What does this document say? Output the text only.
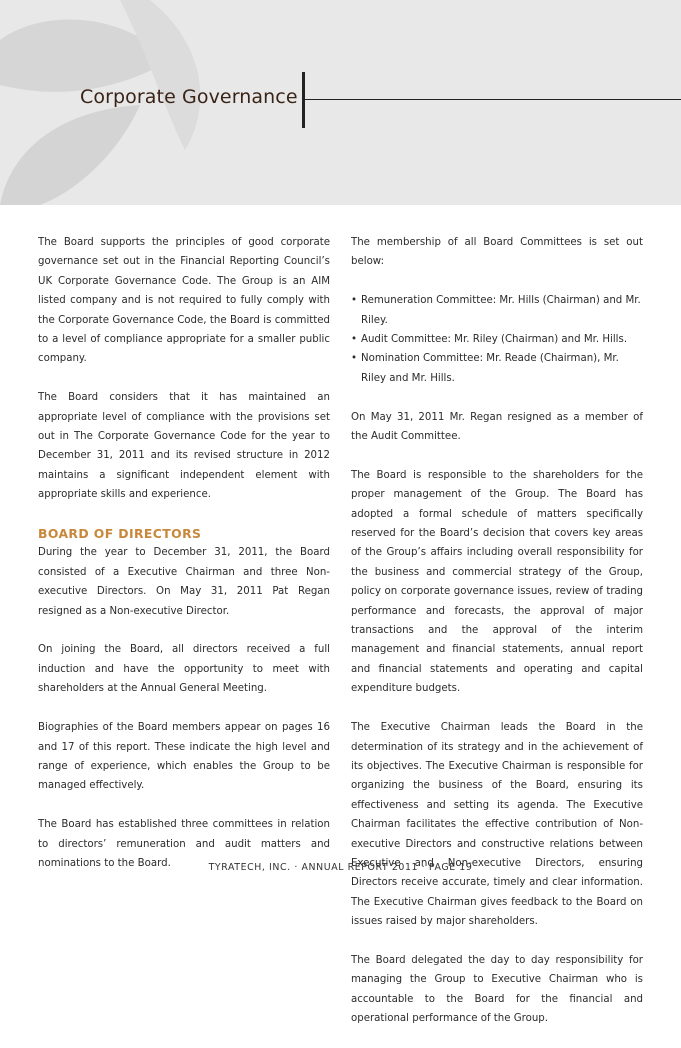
Corporate Governance

The Board supports the principles of good corporate governance set out in the Financial Reporting Council’s UK Corporate Governance Code. The Group is an AIM listed company and is not required to fully comply with the Corporate Governance Code, the Board is committed to a level of compliance appropriate for a smaller public company.

The Board considers that it has maintained an appropriate level of compliance with the provisions set out in The Corporate Governance Code for the year to December 31, 2011 and its revised structure in 2012 maintains a significant independent element with appropriate skills and experience.

BOARD OF DIRECTORS

During the year to December 31, 2011, the Board consisted of a Executive Chairman and three Non-executive Directors. On May 31, 2011 Pat Regan resigned as a Non-executive Director.

On joining the Board, all directors received a full induction and have the opportunity to meet with shareholders at the Annual General Meeting.

Biographies of the Board members appear on pages 16 and 17 of this report. These indicate the high level and range of experience, which enables the Group to be managed effectively.

The Board has established three committees in relation to directors’ remuneration and audit matters and nominations to the Board.

The membership of all Board Committees is set out below:

• Remuneration Committee: Mr. Hills (Chairman) and Mr. Riley.
• Audit Committee: Mr. Riley (Chairman) and Mr. Hills.
• Nomination Committee: Mr. Reade (Chairman), Mr. Riley and Mr. Hills.

On May 31, 2011 Mr. Regan resigned as a member of the Audit Committee.

The Board is responsible to the shareholders for the proper management of the Group. The Board has adopted a formal schedule of matters specifically reserved for the Board’s decision that covers key areas of the Group’s affairs including overall responsibility for the business and commercial strategy of the Group, policy on corporate governance issues, review of trading performance and forecasts, the approval of major transactions and the approval of the interim management and financial statements, annual report and financial statements and operating and capital expenditure budgets.

The Executive Chairman leads the Board in the determination of its strategy and in the achievement of its objectives. The Executive Chairman is responsible for organizing the business of the Board, ensuring its effectiveness and setting its agenda. The Executive Chairman facilitates the effective contribution of Non-executive Directors and constructive relations between Executive and Non-executive Directors, ensuring Directors receive accurate, timely and clear information. The Executive Chairman gives feedback to the Board on issues raised by major shareholders.

The Board delegated the day to day responsibility for managing the Group to Executive Chairman who is accountable to the Board for the financial and operational performance of the Group.

TYRATECH, INC. · ANNUAL REPORT 2011 · PAGE 19
